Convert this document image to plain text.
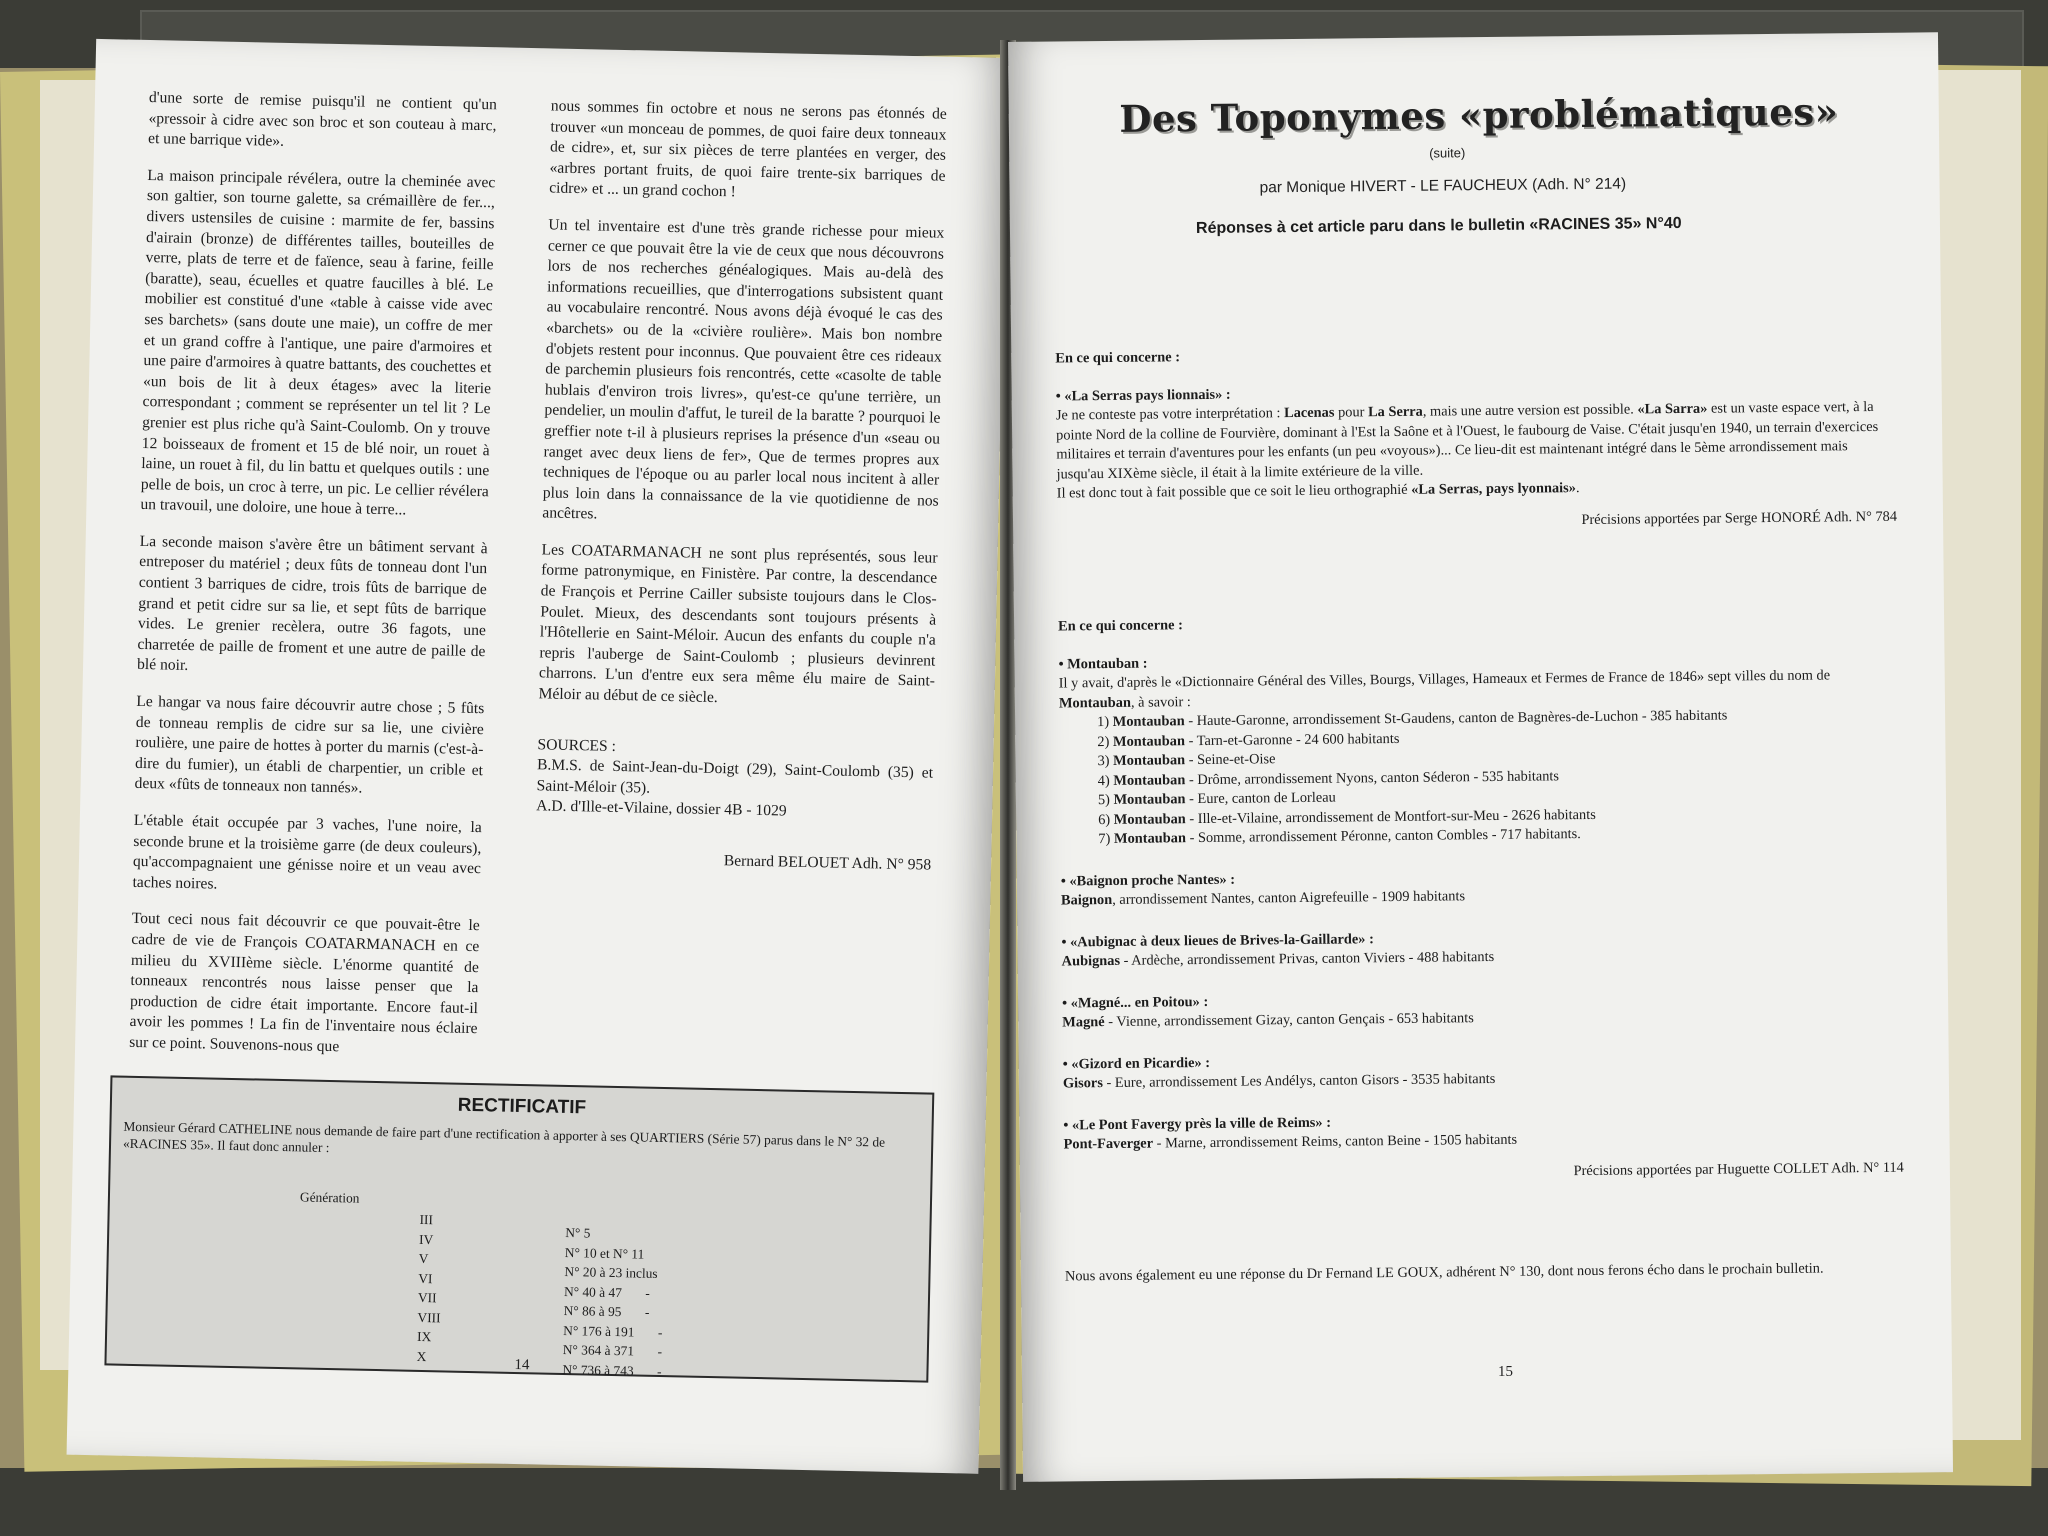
d'une sorte de remise puisqu'il ne contient qu'un «pressoir à cidre avec son broc et son couteau à marc, et une barrique vide».

La maison principale révélera, outre la cheminée avec son galtier, son tourne galette, sa crémaillère de fer..., divers ustensiles de cuisine : marmite de fer, bassins d'airain (bronze) de différentes tailles, bouteilles de verre, plats de terre et de faïence, seau à farine, feille (baratte), seau, écuelles et quatre faucilles à blé. Le mobilier est constitué d'une «table à caisse vide avec ses barchets» (sans doute une maie), un coffre de mer et un grand coffre à l'antique, une paire d'armoires et une paire d'armoires à quatre battants, des couchettes et «un bois de lit à deux étages» avec la literie correspondant ; comment se représenter un tel lit ? Le grenier est plus riche qu'à Saint-Coulomb. On y trouve 12 boisseaux de froment et 15 de blé noir, un rouet à laine, un rouet à fil, du lin battu et quelques outils : une pelle de bois, un croc à terre, un pic. Le cellier révélera un travouil, une doloire, une houe à terre...

La seconde maison s'avère être un bâtiment servant à entreposer du matériel ; deux fûts de tonneau dont l'un contient 3 barriques de cidre, trois fûts de barrique de grand et petit cidre sur sa lie, et sept fûts de barrique vides. Le grenier recèlera, outre 36 fagots, une charretée de paille de froment et une autre de paille de blé noir.

Le hangar va nous faire découvrir autre chose ; 5 fûts de tonneau remplis de cidre sur sa lie, une civière roulière, une paire de hottes à porter du marnis (c'est-à-dire du fumier), un établi de charpentier, un crible et deux «fûts de tonneaux non tannés».

L'étable était occupée par 3 vaches, l'une noire, la seconde brune et la troisième garre (de deux couleurs), qu'accompagnaient une génisse noire et un veau avec taches noires.

Tout ceci nous fait découvrir ce que pouvait-être le cadre de vie de François COATARMANACH en ce milieu du XVIIIème siècle. L'énorme quantité de tonneaux rencontrés nous laisse penser que la production de cidre était importante. Encore faut-il avoir les pommes ! La fin de l'inventaire nous éclaire sur ce point. Souvenons-nous que

nous sommes fin octobre et nous ne serons pas étonnés de trouver «un monceau de pommes, de quoi faire deux tonneaux de cidre», et, sur six pièces de terre plantées en verger, des «arbres portant fruits, de quoi faire trente-six barriques de cidre» et ... un grand cochon !

Un tel inventaire est d'une très grande richesse pour mieux cerner ce que pouvait être la vie de ceux que nous découvrons lors de nos recherches généalogiques. Mais au-delà des informations recueillies, que d'interrogations subsistent quant au vocabulaire rencontré. Nous avons déjà évoqué le cas des «barchets» ou de la «civière roulière». Mais bon nombre d'objets restent pour inconnus. Que pouvaient être ces rideaux de parchemin plusieurs fois rencontrés, cette «casolte de table hublais d'environ trois livres», qu'est-ce qu'une terrière, un pendelier, un moulin d'affut, le tureil de la baratte ? pourquoi le greffier note t-il à plusieurs reprises la présence d'un «seau ou ranget avec deux liens de fer», Que de termes propres aux techniques de l'époque ou au parler local nous incitent à aller plus loin dans la connaissance de la vie quotidienne de nos ancêtres.

Les COATARMANACH ne sont plus représentés, sous leur forme patronymique, en Finistère. Par contre, la descendance de François et Perrine Cailler subsiste toujours dans le Clos-Poulet. Mieux, des descendants sont toujours présents à l'Hôtellerie en Saint-Méloir. Aucun des enfants du couple n'a repris l'auberge de Saint-Coulomb ; plusieurs devinrent charrons. L'un d'entre eux sera même élu maire de Saint-Méloir au début de ce siècle.

SOURCES :
B.M.S. de Saint-Jean-du-Doigt (29), Saint-Coulomb (35) et Saint-Méloir (35).
A.D. d'Ille-et-Vilaine, dossier 4B - 1029
Bernard BELOUET Adh. N° 958
RECTIFICATIF
Monsieur Gérard CATHELINE nous demande de faire part d'une rectification à apporter à ses QUARTIERS (Série 57) parus dans le N° 32 de «RACINES 35». Il faut donc annuler :
Génération
III
IV
V
VI
VII
VIII
IX
X
N° 5
N° 10 et N° 11
N° 20 à 23 inclus
N° 40 à 47 -
N° 86 à 95 -
N° 176 à 191 -
N° 364 à 371 -
N° 736 à 743 -
14
Des Toponymes «problématiques»
(suite)
par Monique HIVERT - LE FAUCHEUX (Adh. N° 214)
Réponses à cet article paru dans le bulletin «RACINES 35» N°40

En ce qui concerne :

• «La Serras pays lionnais» :

Je ne conteste pas votre interprétation : Lacenas pour La Serra, mais une autre version est possible. «La Sarra» est un vaste espace vert, à la pointe Nord de la colline de Fourvière, dominant à l'Est la Saône et à l'Ouest, le faubourg de Vaise. C'était jusqu'en 1940, un terrain d'exercices militaires et terrain d'aventures pour les enfants (un peu «voyous»)... Ce lieu-dit est maintenant intégré dans le 5ème arrondissement mais jusqu'au XIXème siècle, il était à la limite extérieure de la ville.

Il est donc tout à fait possible que ce soit le lieu orthographié «La Serras, pays lyonnais».

Précisions apportées par Serge HONORÉ Adh. N° 784

En ce qui concerne :

• Montauban :

Il y avait, d'après le «Dictionnaire Général des Villes, Bourgs, Villages, Hameaux et Fermes de France de 1846» sept villes du nom de Montauban, à savoir :

1) Montauban - Haute-Garonne, arrondissement St-Gaudens, canton de Bagnères-de-Luchon - 385 habitants

2) Montauban - Tarn-et-Garonne - 24 600 habitants

3) Montauban - Seine-et-Oise

4) Montauban - Drôme, arrondissement Nyons, canton Séderon - 535 habitants

5) Montauban - Eure, canton de Lorleau

6) Montauban - Ille-et-Vilaine, arrondissement de Montfort-sur-Meu - 2626 habitants

7) Montauban - Somme, arrondissement Péronne, canton Combles - 717 habitants.

• «Baignon proche Nantes» :

Baignon, arrondissement Nantes, canton Aigrefeuille - 1909 habitants

• «Aubignac à deux lieues de Brives-la-Gaillarde» :

Aubignas - Ardèche, arrondissement Privas, canton Viviers - 488 habitants

• «Magné... en Poitou» :

Magné - Vienne, arrondissement Gizay, canton Gençais - 653 habitants

• «Gizord en Picardie» :

Gisors - Eure, arrondissement Les Andélys, canton Gisors - 3535 habitants

• «Le Pont Favergy près la ville de Reims» :

Pont-Faverger - Marne, arrondissement Reims, canton Beine - 1505 habitants

Précisions apportées par Huguette COLLET Adh. N° 114

Nous avons également eu une réponse du Dr Fernand LE GOUX, adhérent N° 130, dont nous ferons écho dans le prochain bulletin.
15
